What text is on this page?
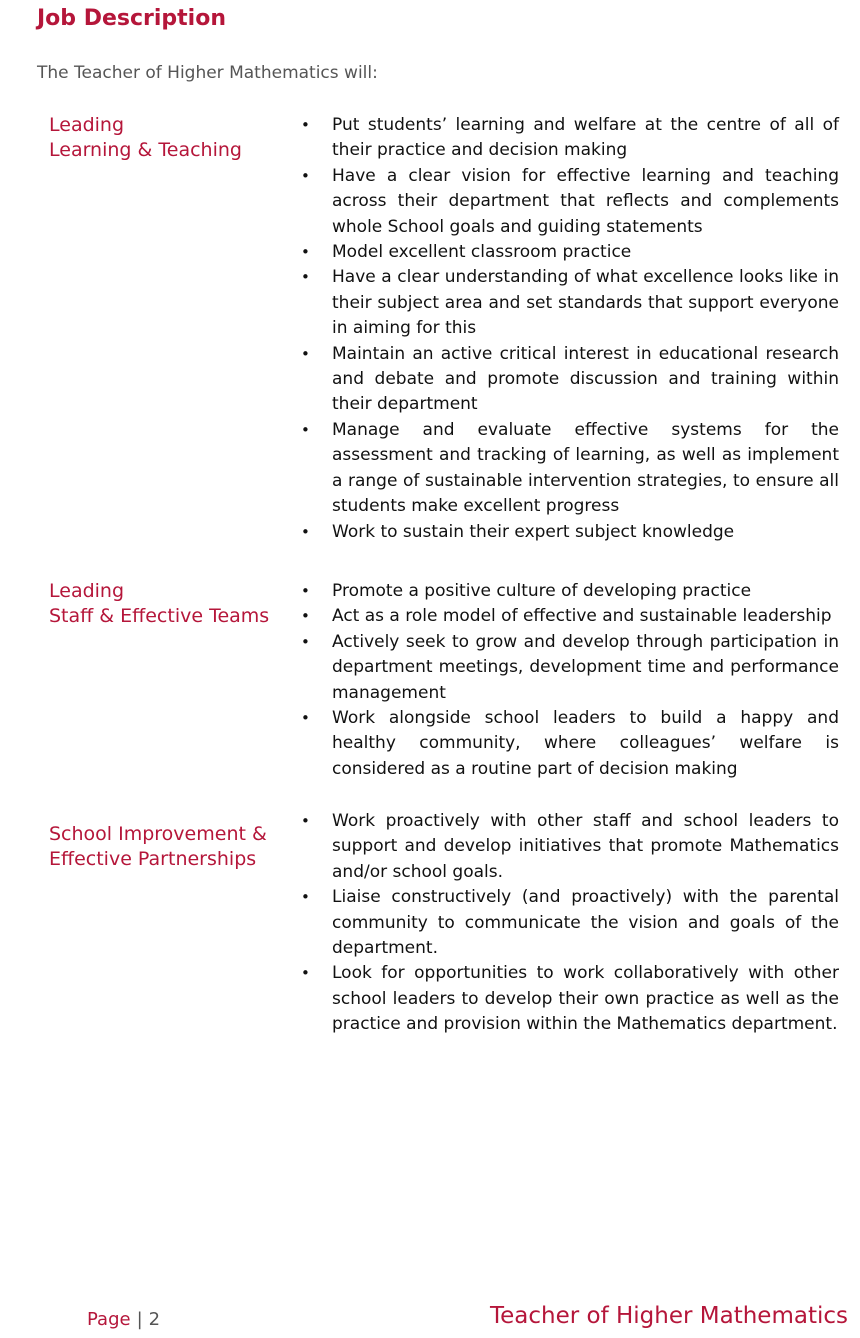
Job Description

The Teacher of Higher Mathematics will:

Leading
Learning & Teaching
• Put students’ learning and welfare at the centre of all of their practice and decision making
• Have a clear vision for effective learning and teaching across their department that reflects and complements whole School goals and guiding statements
• Model excellent classroom practice
• Have a clear understanding of what excellence looks like in their subject area and set standards that support everyone in aiming for this
• Maintain an active critical interest in educational research and debate and promote discussion and training within their department
• Manage and evaluate effective systems for the assessment and tracking of learning, as well as implement a range of sustainable intervention strategies, to ensure all students make excellent progress
• Work to sustain their expert subject knowledge
Leading
Staff & Effective Teams
• Promote a positive culture of developing practice
• Act as a role model of effective and sustainable leadership
• Actively seek to grow and develop through participation in department meetings, development time and performance management
• Work alongside school leaders to build a happy and healthy community, where colleagues’ welfare is considered as a routine part of decision making
School Improvement &
Effective Partnerships
• Work proactively with other staff and school leaders to support and develop initiatives that promote Mathematics and/or school goals.
• Liaise constructively (and proactively) with the parental community to communicate the vision and goals of the department.
• Look for opportunities to work collaboratively with other school leaders to develop their own practice as well as the practice and provision within the Mathematics department.
Page | 2	Teacher of Higher Mathematics
